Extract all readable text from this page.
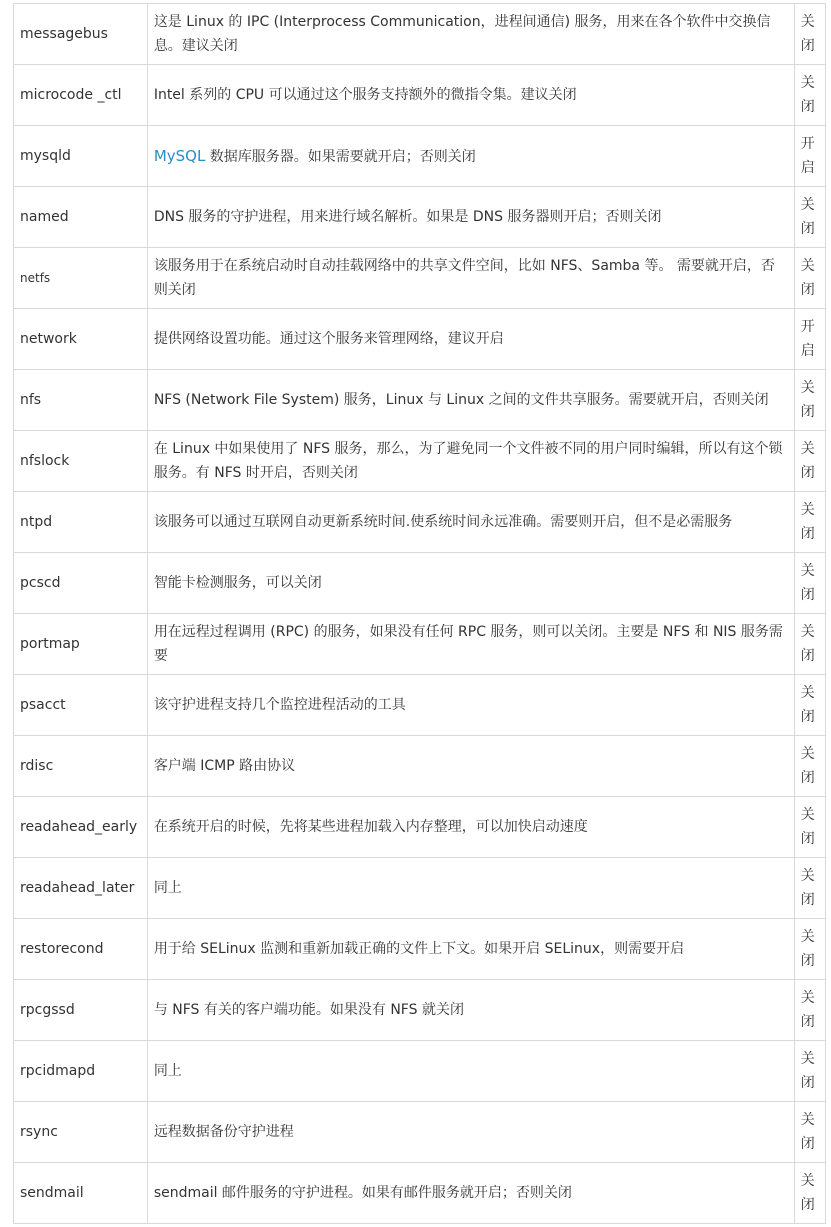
messagebus	这是 Linux 的 IPC (Interprocess Communication，进程间通信) 服务，用来在各个软件中交换信息。建议关闭	关闭

microcode _ctl	Intel 系列的 CPU 可以通过这个服务支持额外的微指令集。建议关闭	关闭

mysqld	MySQL 数据库服务器。如果需要就开启；否则关闭	开启

named	DNS 服务的守护进程，用来进行域名解析。如果是 DNS 服务器则开启；否则关闭	关闭

netfs	该服务用于在系统启动时自动挂载网络中的共享文件空间，比如 NFS、Samba 等。 需要就开启，否则关闭	关闭

network	提供网络设置功能。通过这个服务来管理网络，建议开启	开启

nfs	NFS (Network File System) 服务，Linux 与 Linux 之间的文件共享服务。需要就开启，否则关闭	关闭

nfslock	在 Linux 中如果使用了 NFS 服务，那么，为了避免同一个文件被不同的用户同时编辑，所以有这个锁服务。有 NFS 时开启，否则关闭	关闭

ntpd	该服务可以通过互联网自动更新系统时间.使系统时间永远准确。需要则开启，但不是必需服务	关闭

pcscd	智能卡检测服务，可以关闭	关闭

portmap	用在远程过程调用 (RPC) 的服务，如果没有任何 RPC 服务，则可以关闭。主要是 NFS 和 NIS 服务需要	关闭

psacct	该守护进程支持几个监控进程活动的工具	关闭

rdisc	客户端 ICMP 路由协议	关闭

readahead_early	在系统开启的时候，先将某些进程加载入内存整理，可以加快启动速度	关闭

readahead_later	同上	关闭

restorecond	用于给 SELinux 监测和重新加载正确的文件上下文。如果开启 SELinux，则需要开启	关闭

rpcgssd	与 NFS 有关的客户端功能。如果没有 NFS 就关闭	关闭

rpcidmapd	同上	关闭

rsync	远程数据备份守护进程	关闭

sendmail	sendmail 邮件服务的守护进程。如果有邮件服务就开启；否则关闭	关闭
